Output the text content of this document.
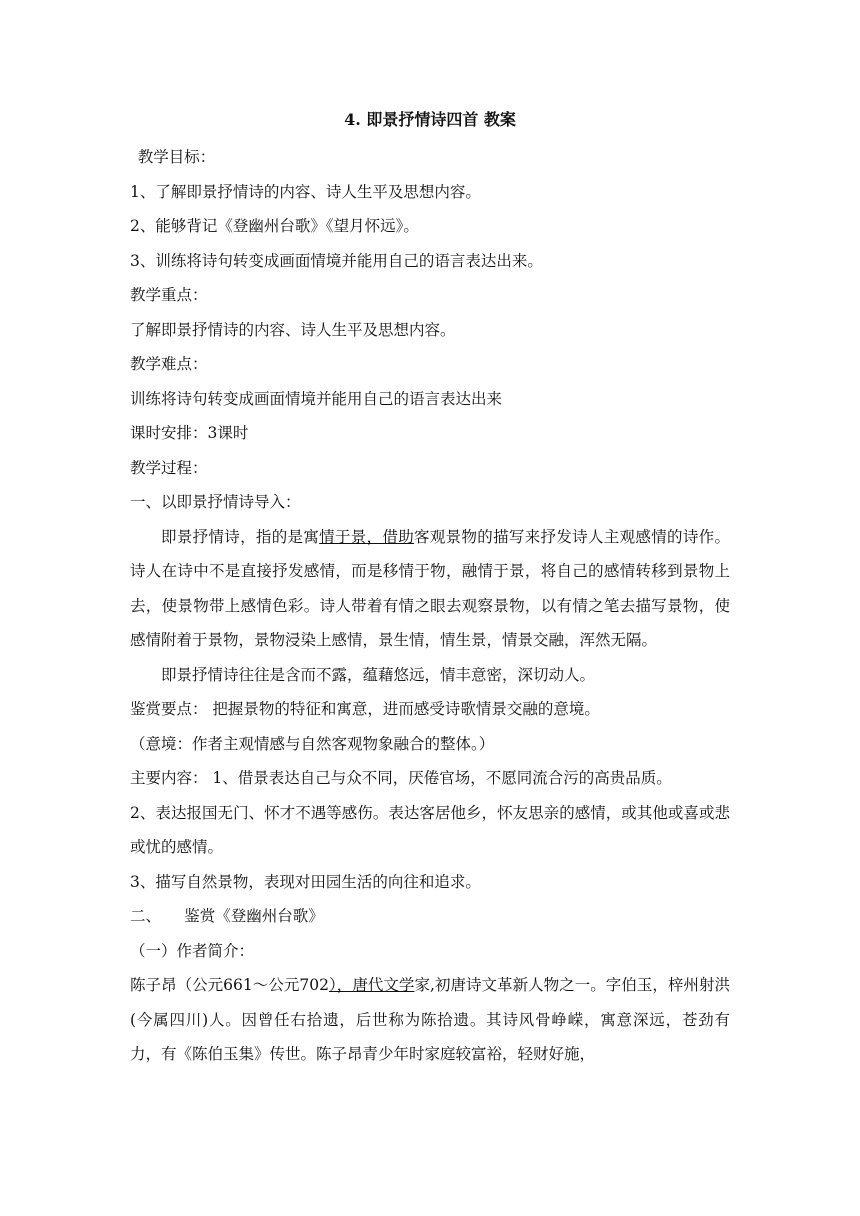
4. 即景抒情诗四首 教案

教学目标：

1、了解即景抒情诗的内容、诗人生平及思想内容。

2、能够背记《登幽州台歌》《望月怀远》。

3、训练将诗句转变成画面情境并能用自己的语言表达出来。

教学重点：

了解即景抒情诗的内容、诗人生平及思想内容。

教学难点：

训练将诗句转变成画面情境并能用自己的语言表达出来

课时安排：3课时

教学过程：

一、以即景抒情诗导入：

即景抒情诗，指的是寓情于景，借助客观景物的描写来抒发诗人主观感情的诗作。诗人在诗中不是直接抒发感情，而是移情于物，融情于景，将自己的感情转移到景物上去，使景物带上感情色彩。诗人带着有情之眼去观察景物，以有情之笔去描写景物，使感情附着于景物，景物浸染上感情，景生情，情生景，情景交融，浑然无隔。

即景抒情诗往往是含而不露，蕴藉悠远，情丰意密，深切动人。

鉴赏要点： 把握景物的特征和寓意，进而感受诗歌情景交融的意境。

（意境：作者主观情感与自然客观物象融合的整体。）

主要内容： 1、借景表达自己与众不同，厌倦官场，不愿同流合污的高贵品质。

2、表达报国无门、怀才不遇等感伤。表达客居他乡，怀友思亲的感情，或其他或喜或悲或忧的感情。

3、描写自然景物，表现对田园生活的向往和追求。

二、 鉴赏《登幽州台歌》

（一）作者简介：

陈子昂（公元661～公元702），唐代文学家,初唐诗文革新人物之一。字伯玉，梓州射洪(今属四川)人。因曾任右拾遗，后世称为陈拾遗。其诗风骨峥嵘，寓意深远，苍劲有力，有《陈伯玉集》传世。陈子昂青少年时家庭较富裕，轻财好施，
